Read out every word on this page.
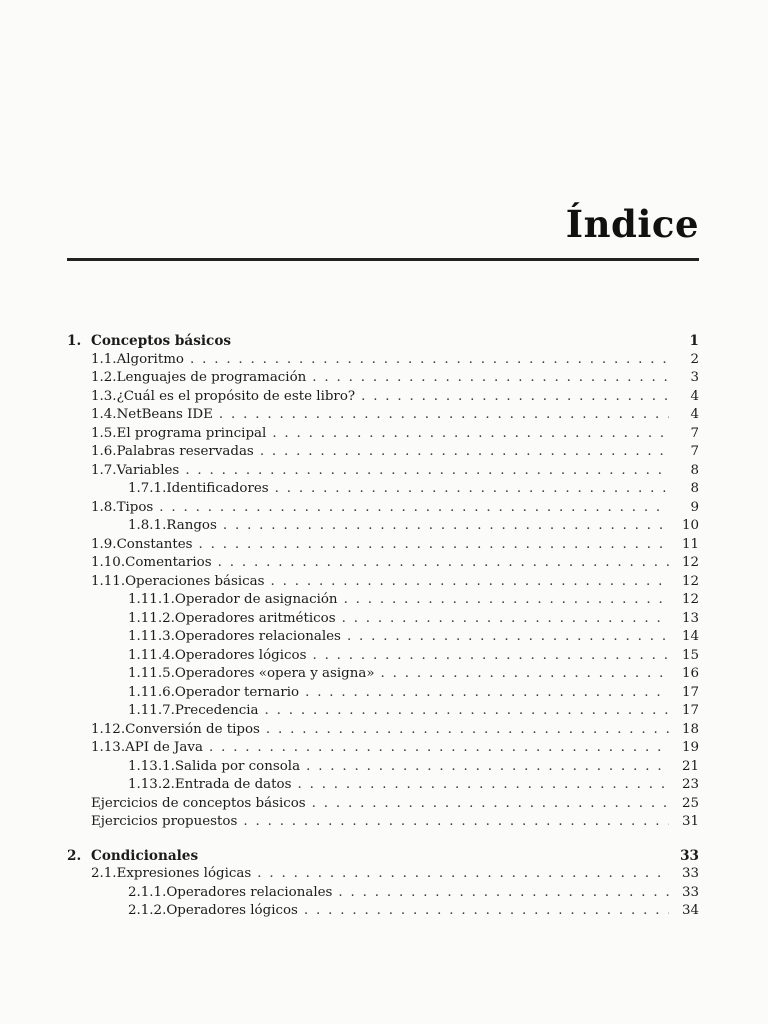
Índice
1. Conceptos básicos	1
1.1. Algoritmo . . .	2
1.2. Lenguajes de programación . . .	3
1.3. ¿Cuál es el propósito de este libro? . . .	4
1.4. NetBeans IDE . . .	4
1.5. El programa principal . . .	7
1.6. Palabras reservadas . . .	7
1.7. Variables . . .	8
1.7.1. Identificadores . . .	8
1.8. Tipos . . .	9
1.8.1. Rangos . . .	10
1.9. Constantes . . .	11
1.10. Comentarios . . .	12
1.11. Operaciones básicas . . .	12
1.11.1. Operador de asignación . . .	12
1.11.2. Operadores aritméticos . . .	13
1.11.3. Operadores relacionales . . .	14
1.11.4. Operadores lógicos . . .	15
1.11.5. Operadores «opera y asigna» . . .	16
1.11.6. Operador ternario . . .	17
1.11.7. Precedencia . . .	17
1.12. Conversión de tipos . . .	18
1.13. API de Java . . .	19
1.13.1. Salida por consola . . .	21
1.13.2. Entrada de datos . . .	23
Ejercicios de conceptos básicos . . .	25
Ejercicios propuestos . . .	31
2. Condicionales	33
2.1. Expresiones lógicas . . .	33
2.1.1. Operadores relacionales . . .	33
2.1.2. Operadores lógicos . . .	34
